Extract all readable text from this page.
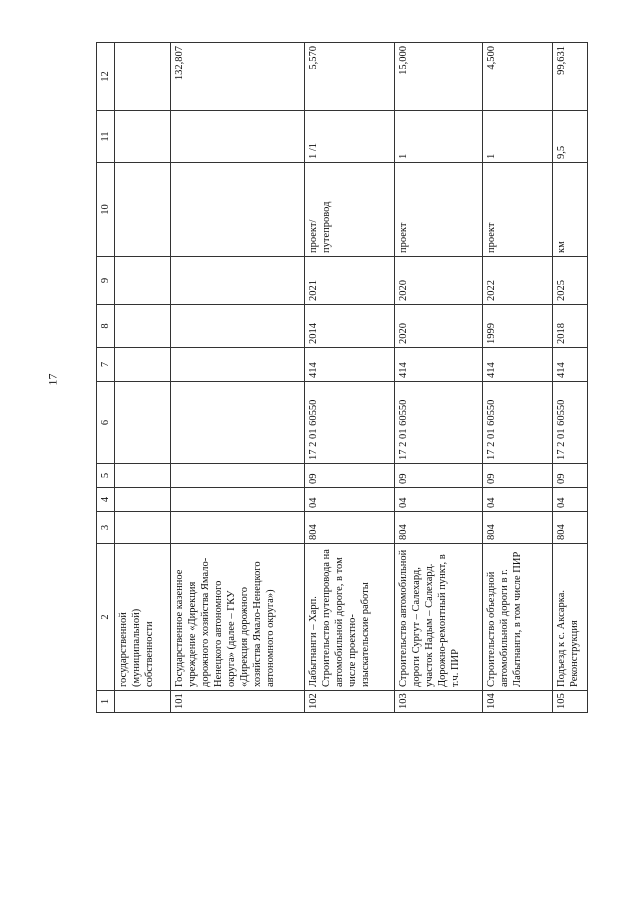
17
1	2	3	4	5	6	7	8	9	10	11	12
	государственной (муниципальной) собственности										
101	Государственное казенное учреждение «Дирекция дорожного хозяйства Ямало-Ненецкого автономного округа» (далее – ГКУ «Дирекция дорожного хозяйства Ямало-Ненецкого автономного округа»)										132,807
102	Лабытнанги – Харп. Строительство путепровода на автомобильной дороге, в том числе проектно-изыскательские работы	804	04	09	17 2 01 60550	414	2014	2021	проект/ путепровод	1 /1	5,570
103	Строительство автомобильной дороги Сургут – Салехард, участок Надым – Салехард. Дорожно-ремонтный пункт, в т.ч. ПИР	804	04	09	17 2 01 60550	414	2020	2020	проект	1	15,000
104	Строительство объездной автомобильной дороги в г. Лабытнанги, в том числе ПИР	804	04	09	17 2 01 60550	414	1999	2022	проект	1	4,500
105	Подъезд к с. Аксарка. Реконструкция	804	04	09	17 2 01 60550	414	2018	2025	км	9,5	99,631
